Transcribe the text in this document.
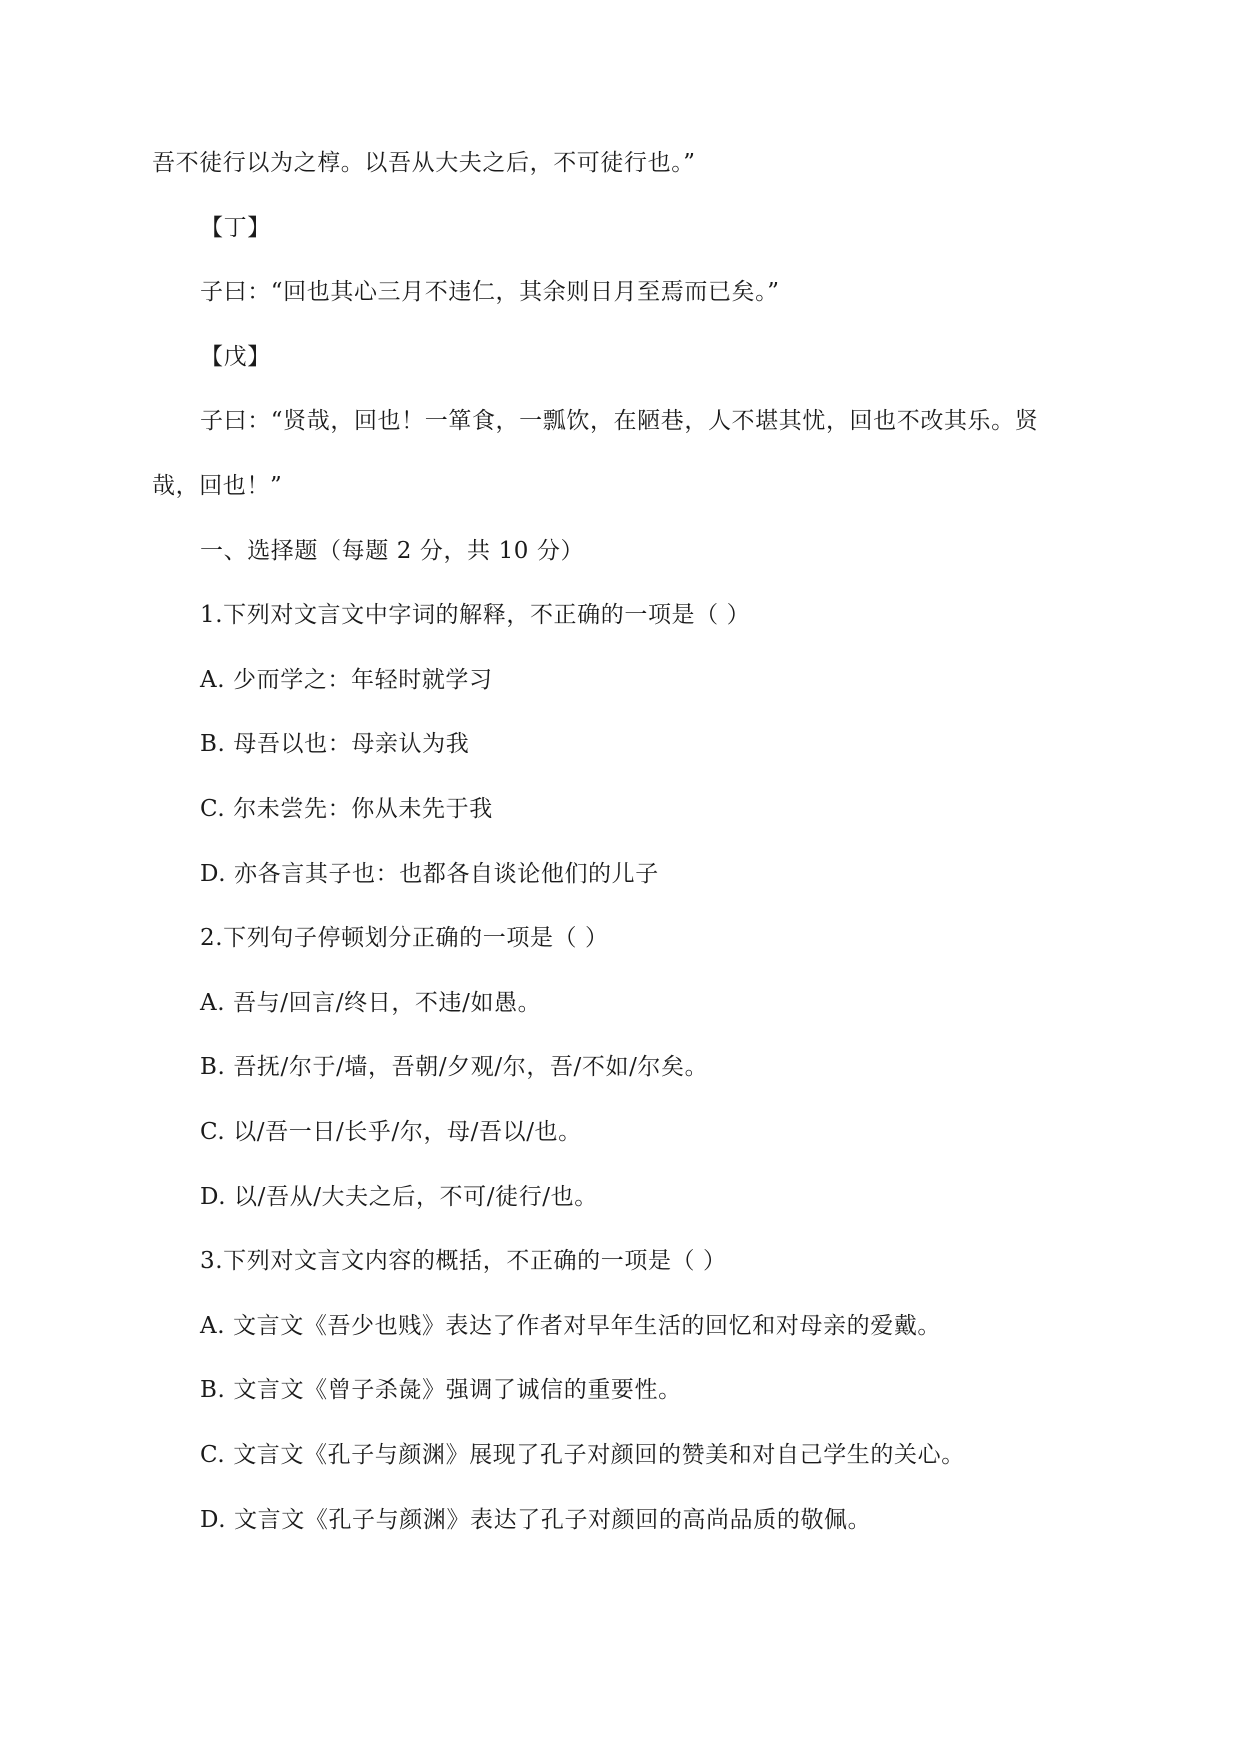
吾不徒行以为之椁。以吾从大夫之后，不可徒行也。”
【丁】
子曰：“回也其心三月不违仁，其余则日月至焉而已矣。”
【戊】
子曰：“贤哉，回也！一箪食，一瓢饮，在陋巷，人不堪其忧，回也不改其乐。贤
哉，回也！”
一、选择题（每题 2 分，共 10 分）
1.下列对文言文中字词的解释，不正确的一项是（ ）
A. 少而学之：年轻时就学习
B. 母吾以也：母亲认为我
C. 尔未尝先：你从未先于我
D. 亦各言其子也：也都各自谈论他们的儿子
2.下列句子停顿划分正确的一项是（ ）
A. 吾与/回言/终日，不违/如愚。
B. 吾抚/尔于/墙，吾朝/夕观/尔，吾/不如/尔矣。
C. 以/吾一日/长乎/尔，母/吾以/也。
D. 以/吾从/大夫之后，不可/徒行/也。
3.下列对文言文内容的概括，不正确的一项是（ ）
A. 文言文《吾少也贱》表达了作者对早年生活的回忆和对母亲的爱戴。
B. 文言文《曾子杀彘》强调了诚信的重要性。
C. 文言文《孔子与颜渊》展现了孔子对颜回的赞美和对自己学生的关心。
D. 文言文《孔子与颜渊》表达了孔子对颜回的高尚品质的敬佩。
